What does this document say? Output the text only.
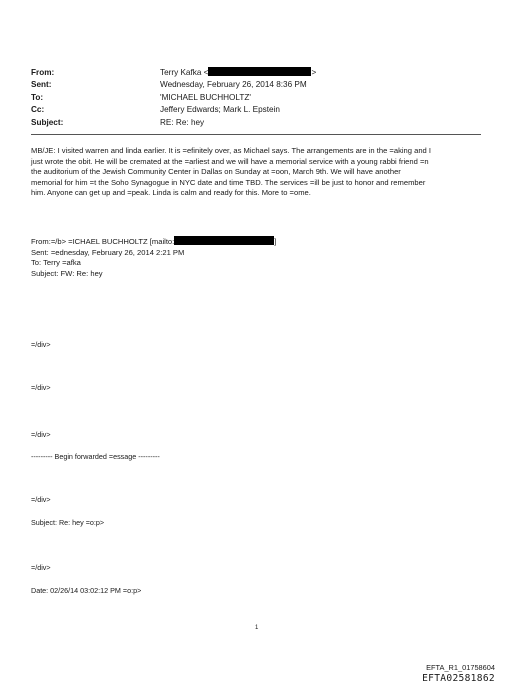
From:	Terry Kafka <	>
Sent:	Wednesday, February 26, 2014 8:36 PM
To:	'MICHAEL BUCHHOLTZ'
Cc:	Jeffery Edwards; Mark L. Epstein
Subject:	RE: Re: hey

MB/JE: I visited warren and linda earlier. It is =efinitely over, as Michael says. The arrangements are in the =aking and I

just wrote the obit. He will be cremated at the =arliest and we will have a memorial service with a young rabbi friend =n

the auditorium of the Jewish Community Center in Dallas on Sunday at =oon, March 9th. We will have another

memorial for him =t the Soho Synagogue in NYC date and time TBD. The services =ill be just to honor and remember

him. Anyone can get up and =peak. Linda is calm and ready for this. More to =ome.

From:=/b> =ICHAEL BUCHHOLTZ [mailto:	]

Sent: =ednesday, February 26, 2014 2:21 PM

To: Terry =afka

Subject: FW: Re: hey

=/div>
=/div>
=/div>
--------- Begin forwarded =essage ---------
=/div>
Subject: Re: hey =o:p>
=/div>
Date: 02/26/14 03:02:12 PM =o:p>
1
EFTA_R1_01758604
EFTA02581862
